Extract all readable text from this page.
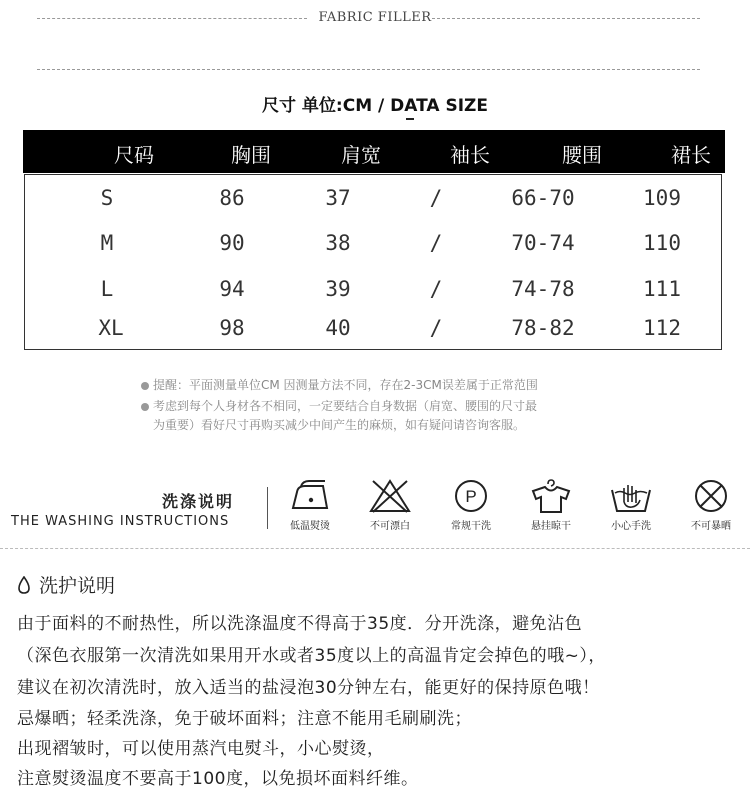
FABRIC FILLER
尺寸 单位:CM / DATA SIZE
尺码	胸围	肩宽	袖长	腰围	裙长
S	86	37	/	66-70	109
M	90	38	/	70-74	110
L	94	39	/	74-78	111
XL	98	40	/	78-82	112
提醒：平面测量单位CM 因测量方法不同，存在2-3CM误差属于正常范围
考虑到每个人身材各不相同，一定要结合自身数据（肩宽、腰围的尺寸最
为重要）看好尺寸再购买减少中间产生的麻烦，如有疑问请咨询客服。
洗涤说明
THE WASHING INSTRUCTIONS	低温熨烫	不可漂白
P
常规干洗	悬挂晾干	小心手洗	不可暴晒
洗护说明
由于面料的不耐热性，所以洗涤温度不得高于35度．分开洗涤，避免沾色
（深色衣服第一次清洗如果用开水或者35度以上的高温肯定会掉色的哦~），
建议在初次清洗时，放入适当的盐浸泡30分钟左右，能更好的保持原色哦！
忌爆晒；轻柔洗涤，免于破坏面料；注意不能用毛刷刷洗；
出现褶皱时，可以使用蒸汽电熨斗，小心熨烫，
注意熨烫温度不要高于100度，以免损坏面料纤维。
